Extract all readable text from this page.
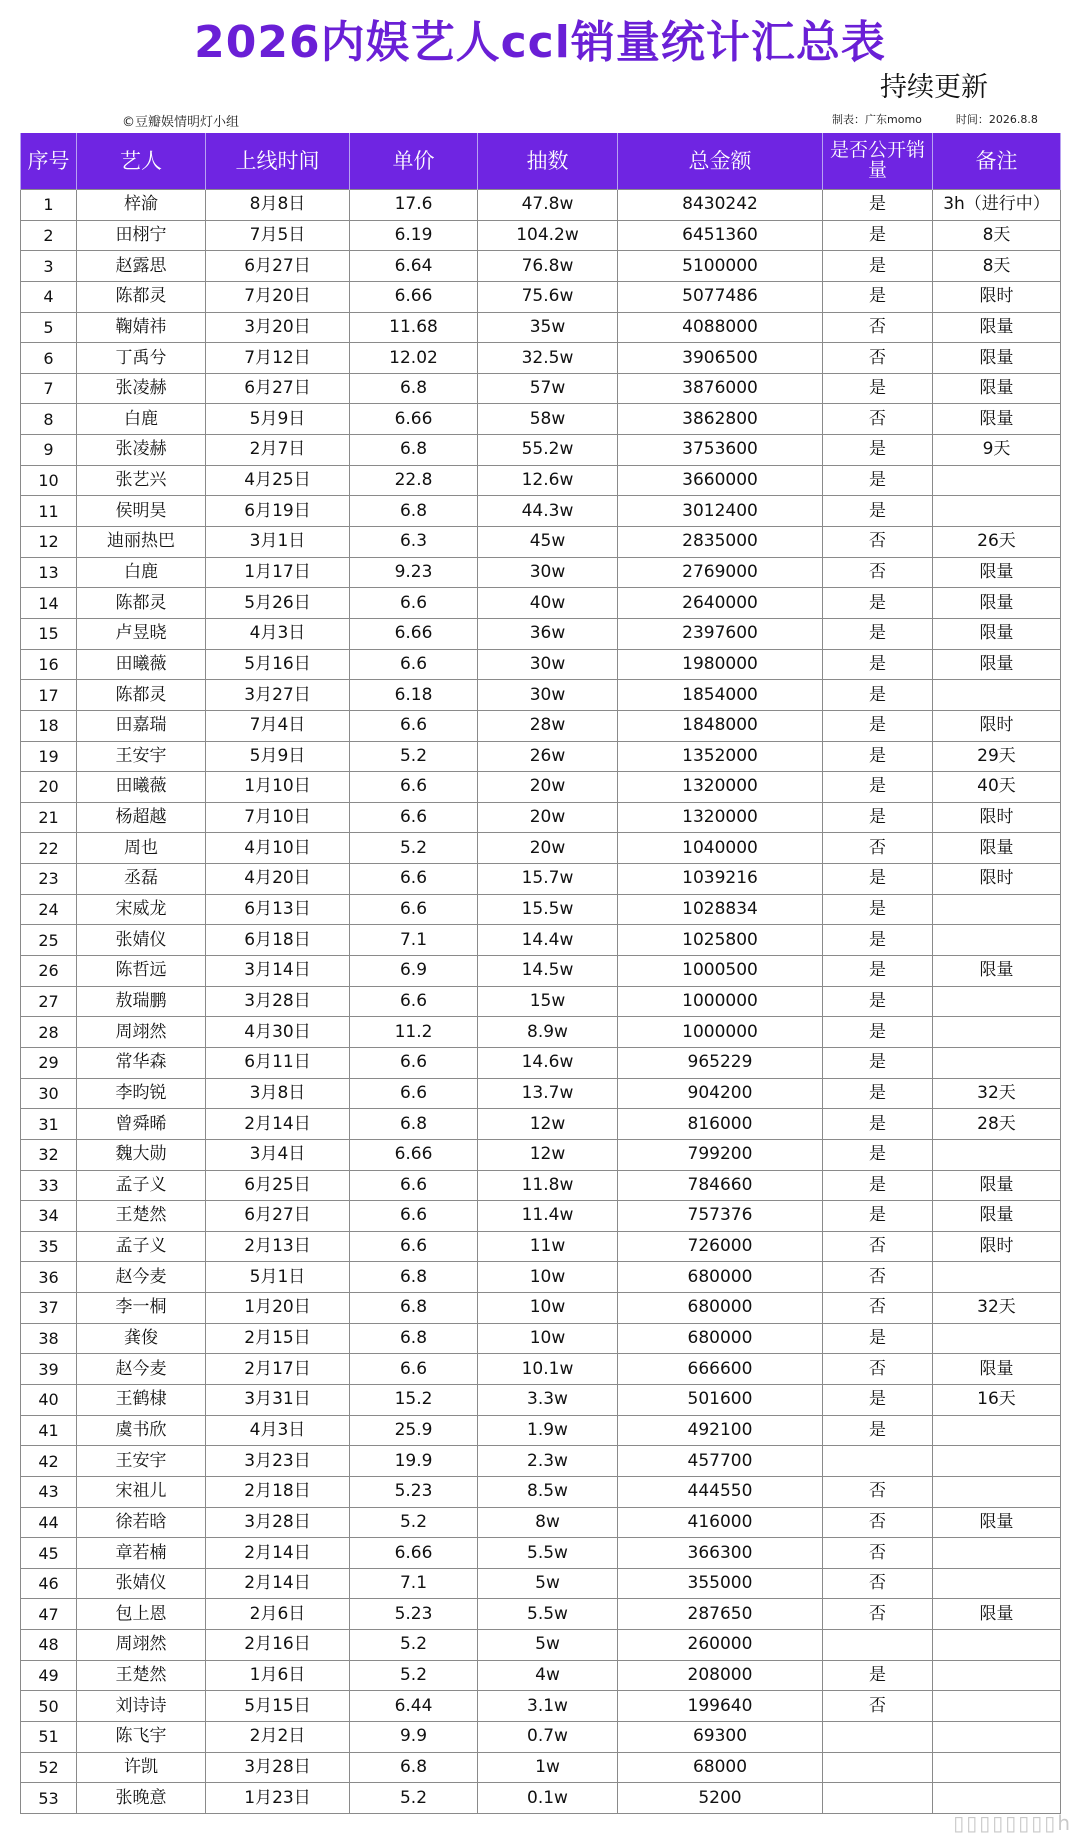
2026内娱艺人ccl销量统计汇总表
持续更新
©豆瓣娱情明灯小组	制表：广东momo	时间：2026.8.8
序号	艺人	上线时间	单价	抽数	总金额	是否公开销量	备注
1	梓渝	8月8日	17.6	47.8w	8430242	是	3h（进行中）
2	田栩宁	7月5日	6.19	104.2w	6451360	是	8天
3	赵露思	6月27日	6.64	76.8w	5100000	是	8天
4	陈都灵	7月20日	6.66	75.6w	5077486	是	限时
5	鞠婧祎	3月20日	11.68	35w	4088000	否	限量
6	丁禹兮	7月12日	12.02	32.5w	3906500	否	限量
7	张凌赫	6月27日	6.8	57w	3876000	是	限量
8	白鹿	5月9日	6.66	58w	3862800	否	限量
9	张凌赫	2月7日	6.8	55.2w	3753600	是	9天
10	张艺兴	4月25日	22.8	12.6w	3660000	是	
11	侯明昊	6月19日	6.8	44.3w	3012400	是	
12	迪丽热巴	3月1日	6.3	45w	2835000	否	26天
13	白鹿	1月17日	9.23	30w	2769000	否	限量
14	陈都灵	5月26日	6.6	40w	2640000	是	限量
15	卢昱晓	4月3日	6.66	36w	2397600	是	限量
16	田曦薇	5月16日	6.6	30w	1980000	是	限量
17	陈都灵	3月27日	6.18	30w	1854000	是	
18	田嘉瑞	7月4日	6.6	28w	1848000	是	限时
19	王安宇	5月9日	5.2	26w	1352000	是	29天
20	田曦薇	1月10日	6.6	20w	1320000	是	40天
21	杨超越	7月10日	6.6	20w	1320000	是	限时
22	周也	4月10日	5.2	20w	1040000	否	限量
23	丞磊	4月20日	6.6	15.7w	1039216	是	限时
24	宋威龙	6月13日	6.6	15.5w	1028834	是	
25	张婧仪	6月18日	7.1	14.4w	1025800	是	
26	陈哲远	3月14日	6.9	14.5w	1000500	是	限量
27	敖瑞鹏	3月28日	6.6	15w	1000000	是	
28	周翊然	4月30日	11.2	8.9w	1000000	是	
29	常华森	6月11日	6.6	14.6w	965229	是	
30	李昀锐	3月8日	6.6	13.7w	904200	是	32天
31	曾舜晞	2月14日	6.8	12w	816000	是	28天
32	魏大勋	3月4日	6.66	12w	799200	是	
33	孟子义	6月25日	6.6	11.8w	784660	是	限量
34	王楚然	6月27日	6.6	11.4w	757376	是	限量
35	孟子义	2月13日	6.6	11w	726000	否	限时
36	赵今麦	5月1日	6.8	10w	680000	否	
37	李一桐	1月20日	6.8	10w	680000	否	32天
38	龚俊	2月15日	6.8	10w	680000	是	
39	赵今麦	2月17日	6.6	10.1w	666600	否	限量
40	王鹤棣	3月31日	15.2	3.3w	501600	是	16天
41	虞书欣	4月3日	25.9	1.9w	492100	是	
42	王安宇	3月23日	19.9	2.3w	457700		
43	宋祖儿	2月18日	5.23	8.5w	444550	否	
44	徐若晗	3月28日	5.2	8w	416000	否	限量
45	章若楠	2月14日	6.66	5.5w	366300	否	
46	张婧仪	2月14日	7.1	5w	355000	否	
47	包上恩	2月6日	5.23	5.5w	287650	否	限量
48	周翊然	2月16日	5.2	5w	260000		
49	王楚然	1月6日	5.2	4w	208000	是	
50	刘诗诗	5月15日	6.44	3.1w	199640	否	
51	陈飞宇	2月2日	9.9	0.7w	69300		
52	许凯	3月28日	6.8	1w	68000		
53	张晚意	1月23日	5.2	0.1w	5200		
▯▯▯▯▯▯▯▯h
